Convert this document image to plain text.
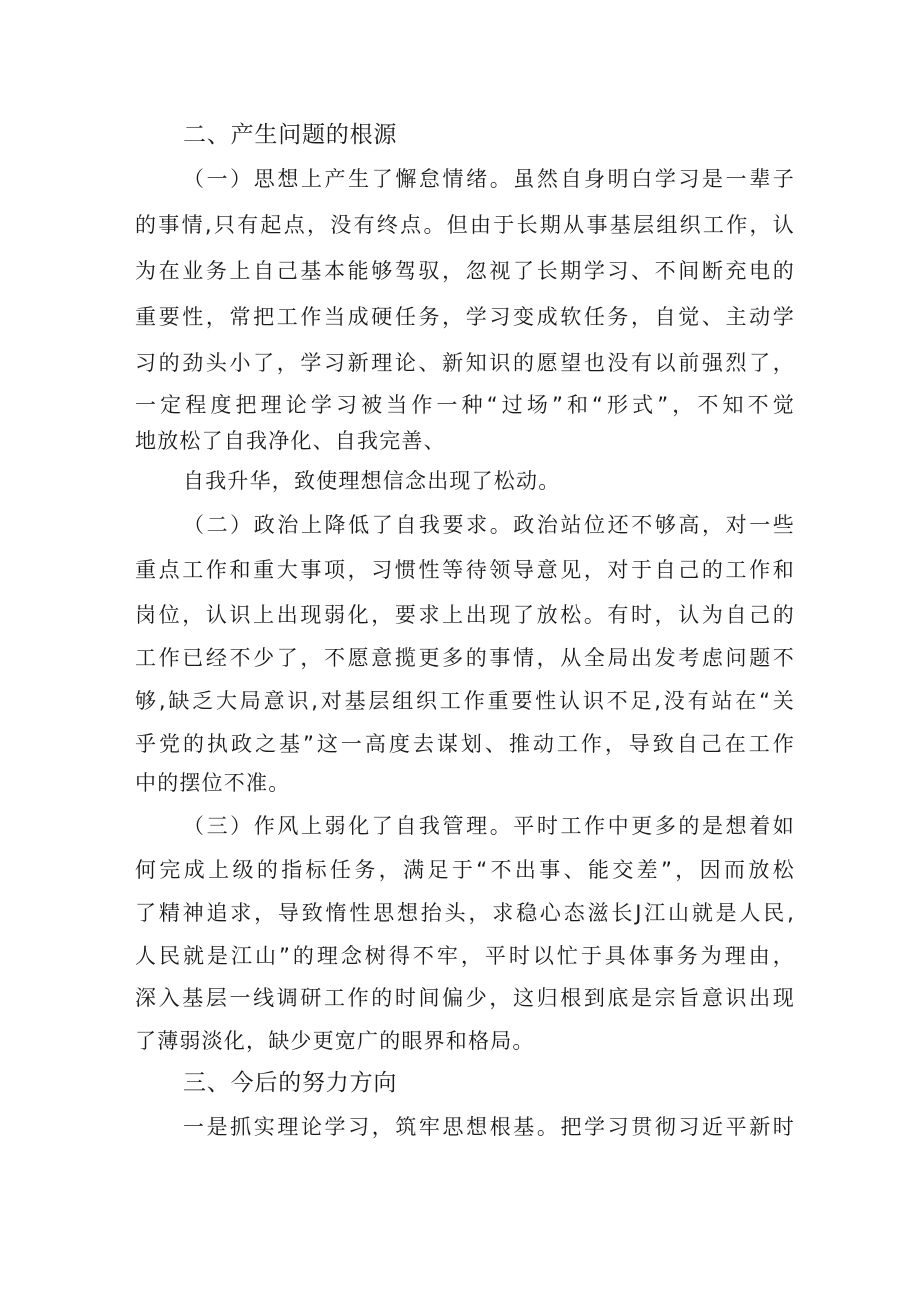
二、产生问题的根源
（一）思想上产生了懈怠情绪。虽然自身明白学习是一辈子
的事情,只有起点，没有终点。但由于长期从事基层组织工作，认
为在业务上自己基本能够驾驭，忽视了长期学习、不间断充电的
重要性，常把工作当成硬任务，学习变成软任务，自觉、主动学
习的劲头小了，学习新理论、新知识的愿望也没有以前强烈了，
一定程度把理论学习被当作一种“过场”和“形式”，不知不觉
地放松了自我净化、自我完善、
自我升华，致使理想信念出现了松动。
（二）政治上降低了自我要求。政治站位还不够高，对一些
重点工作和重大事项，习惯性等待领导意见，对于自己的工作和
岗位，认识上出现弱化，要求上出现了放松。有时，认为自己的
工作已经不少了，不愿意揽更多的事情，从全局出发考虑问题不
够,缺乏大局意识,对基层组织工作重要性认识不足,没有站在“关
乎党的执政之基”这一高度去谋划、推动工作，导致自己在工作
中的摆位不准。
（三）作风上弱化了自我管理。平时工作中更多的是想着如
何完成上级的指标任务，满足于“不出事、能交差”，因而放松
了精神追求，导致惰性思想抬头，求稳心态滋长J江山就是人民,
人民就是江山”的理念树得不牢，平时以忙于具体事务为理由，
深入基层一线调研工作的时间偏少，这归根到底是宗旨意识出现
了薄弱淡化，缺少更宽广的眼界和格局。
三、今后的努力方向
一是抓实理论学习，筑牢思想根基。把学习贯彻习近平新时
